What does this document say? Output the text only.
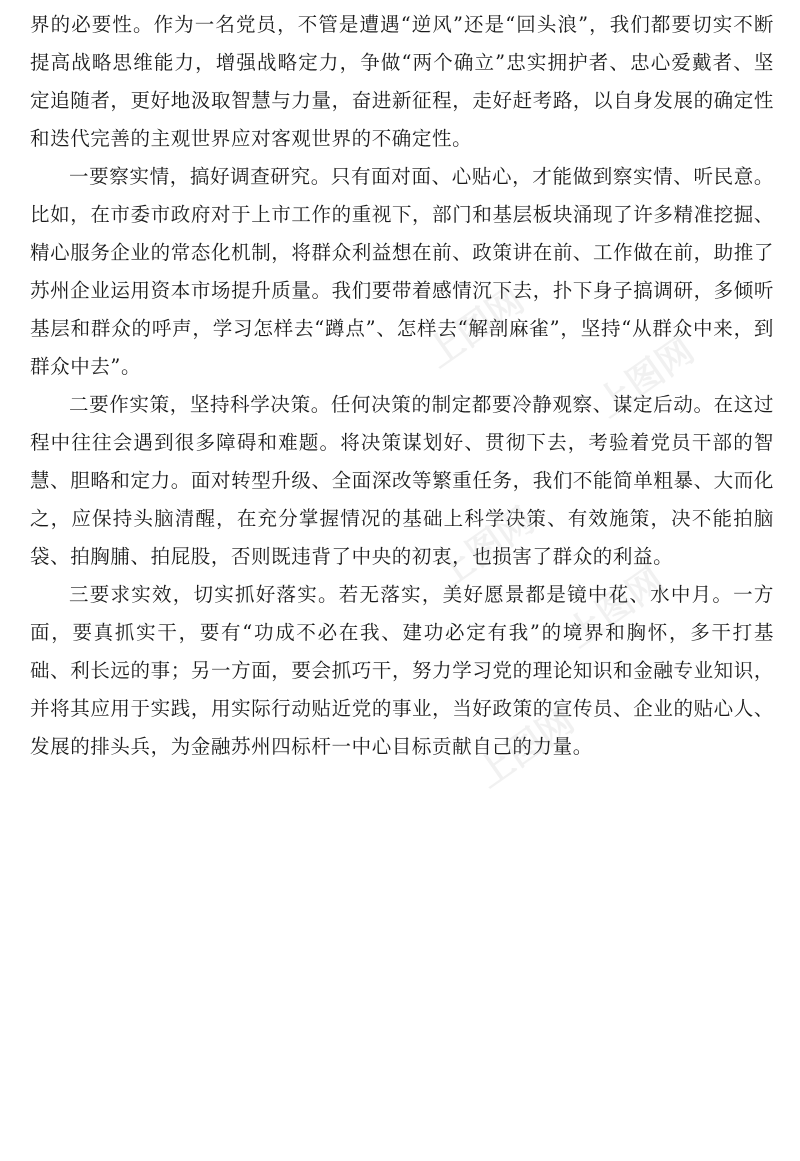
界的必要性。作为一名党员，不管是遭遇“逆风”还是“回头浪”，我们都要切实不断提高战略思维能力，增强战略定力，争做“两个确立”忠实拥护者、忠心爱戴者、坚定追随者，更好地汲取智慧与力量，奋进新征程，走好赶考路，以自身发展的确定性和迭代完善的主观世界应对客观世界的不确定性。

一要察实情，搞好调查研究。只有面对面、心贴心，才能做到察实情、听民意。比如，在市委市政府对于上市工作的重视下，部门和基层板块涌现了许多精准挖掘、精心服务企业的常态化机制，将群众利益想在前、政策讲在前、工作做在前，助推了苏州企业运用资本市场提升质量。我们要带着感情沉下去，扑下身子搞调研，多倾听基层和群众的呼声，学习怎样去“蹲点”、怎样去“解剖麻雀”，坚持“从群众中来，到群众中去”。

二要作实策，坚持科学决策。任何决策的制定都要冷静观察、谋定后动。在这过程中往往会遇到很多障碍和难题。将决策谋划好、贯彻下去，考验着党员干部的智慧、胆略和定力。面对转型升级、全面深改等繁重任务，我们不能简单粗暴、大而化之，应保持头脑清醒，在充分掌握情况的基础上科学决策、有效施策，决不能拍脑袋、拍胸脯、拍屁股，否则既违背了中央的初衷，也损害了群众的利益。

三要求实效，切实抓好落实。若无落实，美好愿景都是镜中花、水中月。一方面，要真抓实干，要有“功成不必在我、建功必定有我”的境界和胸怀，多干打基础、利长远的事；另一方面，要会抓巧干，努力学习党的理论知识和金融专业知识，并将其应用于实践，用实际行动贴近党的事业，当好政策的宣传员、企业的贴心人、发展的排头兵，为金融苏州四标杆一中心目标贡献自己的力量。

上图网
上图网
上图网
上图网
上图网
